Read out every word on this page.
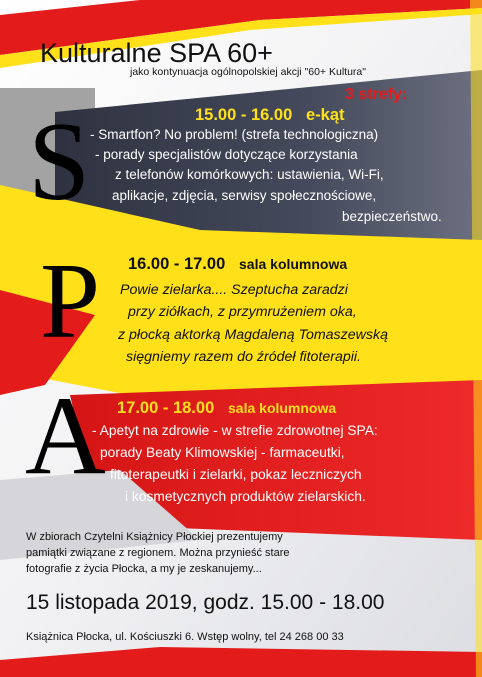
Kulturalne SPA 60+

jako kontynuacja ogólnopolskiej akcji "60+ Kultura"

3 strefy:

S

P

A

15.00 - 16.00 e-kąt

- Smartfon? No problem! (strefa technologiczna)

- porady specjalistów dotyczące korzystania

z telefonów komórkowych: ustawienia, Wi-Fi,

aplikacje, zdjęcia, serwisy społecznościowe,

bezpieczeństwo.

16.00 - 17.00 sala kolumnowa

Powie zielarka.... Szeptucha zaradzi

przy ziółkach, z przymrużeniem oka,

z płocką aktorką Magdaleną Tomaszewską

sięgniemy razem do źródeł fitoterapii.

17.00 - 18.00 sala kolumnowa

- Apetyt na zdrowie - w strefie zdrowotnej SPA:

porady Beaty Klimowskiej - farmaceutki,

fitoterapeutki i zielarki, pokaz leczniczych

i kosmetycznych produktów zielarskich.

W zbiorach Czytelni Książnicy Płockiej prezentujemy

pamiątki związane z regionem. Można przynieść stare

fotografie z życia Płocka, a my je zeskanujemy...

15 listopada 2019, godz. 15.00 - 18.00

Książnica Płocka, ul. Kościuszki 6. Wstęp wolny, tel 24 268 00 33
